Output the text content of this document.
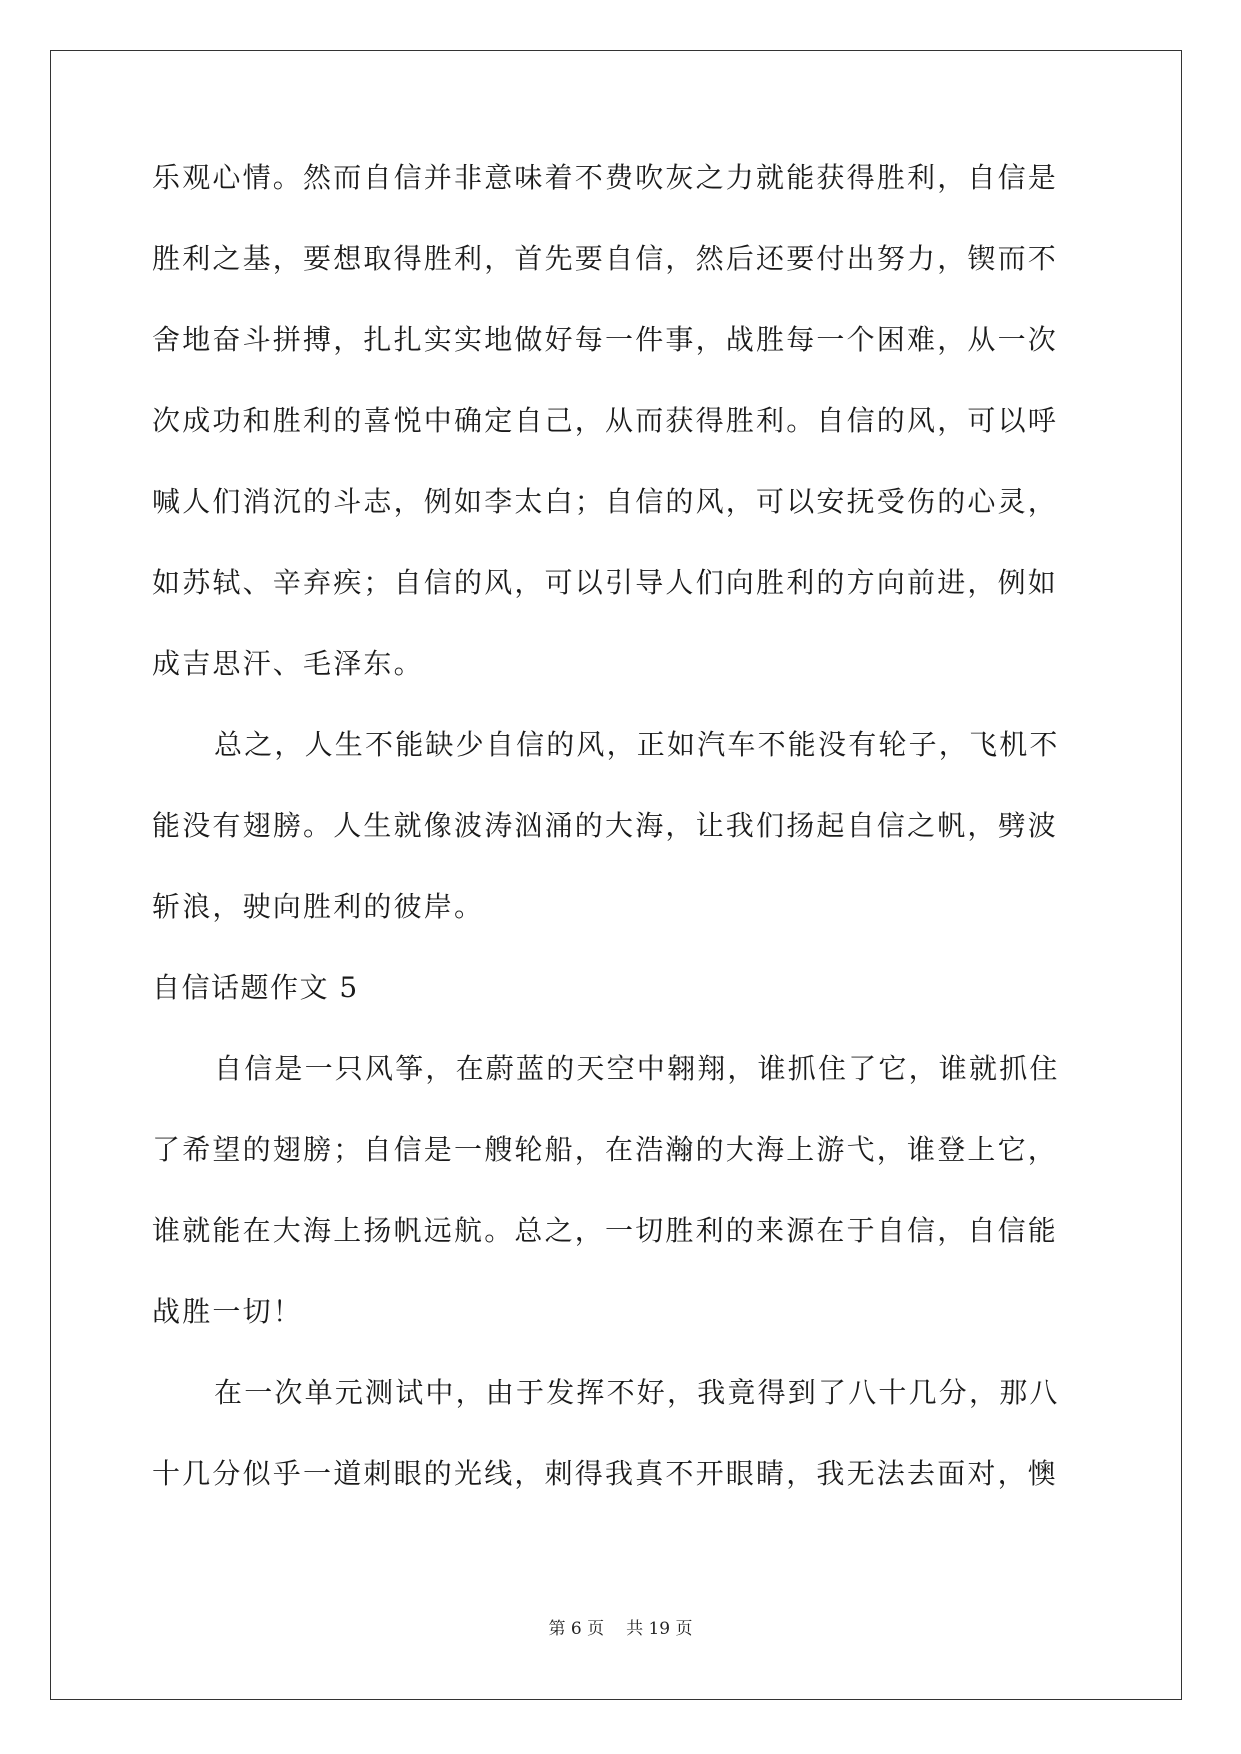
乐观心情。然而自信并非意味着不费吹灰之力就能获得胜利，自信是
胜利之基，要想取得胜利，首先要自信，然后还要付出努力，锲而不
舍地奋斗拼搏，扎扎实实地做好每一件事，战胜每一个困难，从一次
次成功和胜利的喜悦中确定自己，从而获得胜利。自信的风，可以呼
喊人们消沉的斗志，例如李太白；自信的风，可以安抚受伤的心灵，
如苏轼、辛弃疾；自信的风，可以引导人们向胜利的方向前进，例如
成吉思汗、毛泽东。
总之，人生不能缺少自信的风，正如汽车不能没有轮子，飞机不
能没有翅膀。人生就像波涛汹涌的大海，让我们扬起自信之帆，劈波
斩浪，驶向胜利的彼岸。
自信话题作文 5
自信是一只风筝，在蔚蓝的天空中翱翔，谁抓住了它，谁就抓住
了希望的翅膀；自信是一艘轮船，在浩瀚的大海上游弋，谁登上它，
谁就能在大海上扬帆远航。总之，一切胜利的来源在于自信，自信能
战胜一切！
在一次单元测试中，由于发挥不好，我竟得到了八十几分，那八
十几分似乎一道刺眼的光线，刺得我真不开眼睛，我无法去面对，懊
第 6 页 共 19 页
